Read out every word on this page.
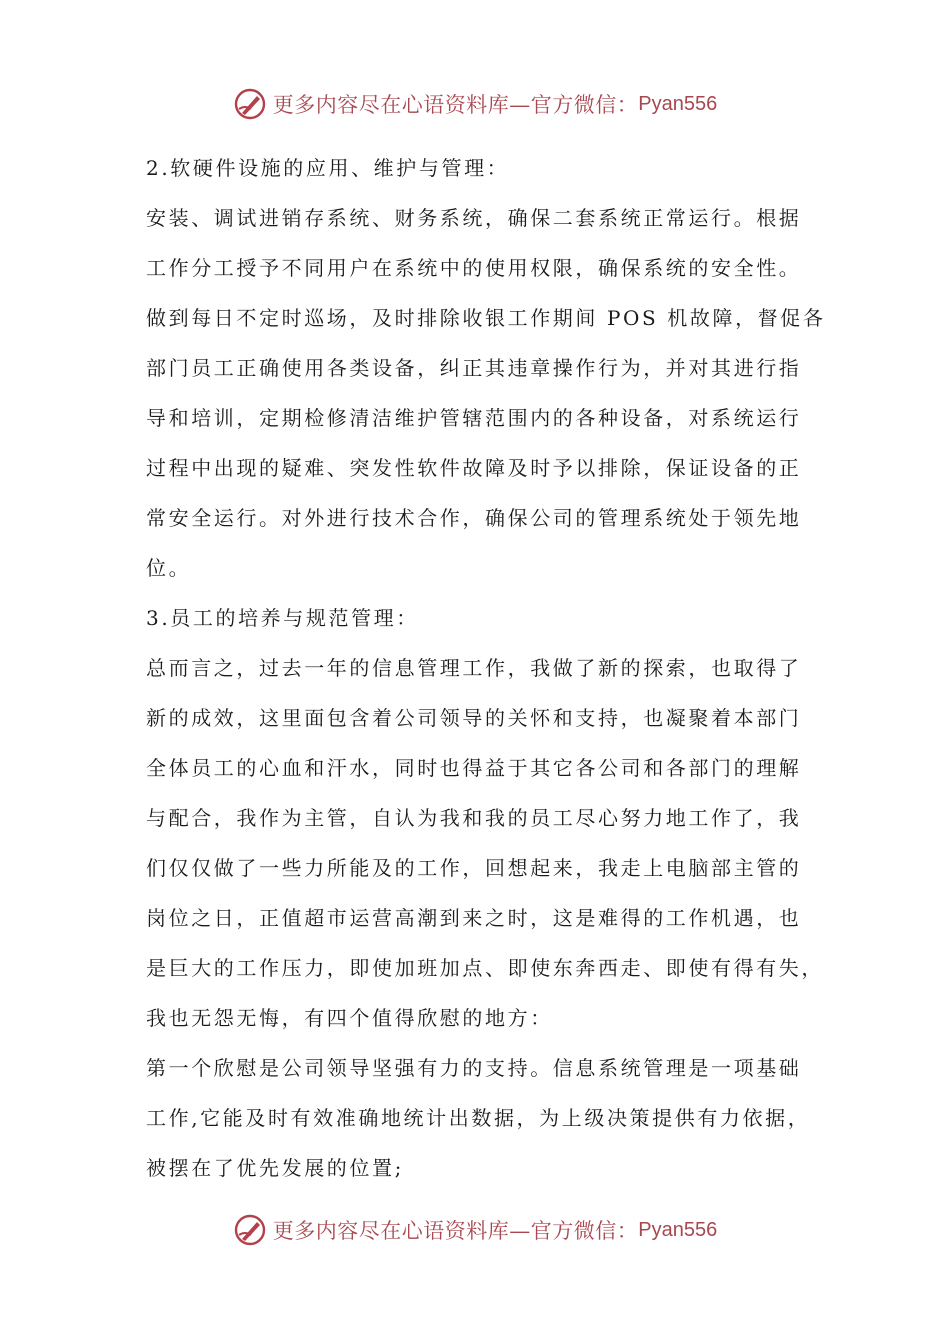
更多内容尽在心语资料库—官方微信： Pyan556
2.软硬件设施的应用、维护与管理：
安装、调试进销存系统、财务系统，确保二套系统正常运行。根据
工作分工授予不同用户在系统中的使用权限，确保系统的安全性。
做到每日不定时巡场，及时排除收银工作期间 POS 机故障，督促各
部门员工正确使用各类设备，纠正其违章操作行为，并对其进行指
导和培训，定期检修清洁维护管辖范围内的各种设备，对系统运行
过程中出现的疑难、突发性软件故障及时予以排除，保证设备的正
常安全运行。对外进行技术合作，确保公司的管理系统处于领先地
位。
3.员工的培养与规范管理：
总而言之，过去一年的信息管理工作，我做了新的探索，也取得了
新的成效，这里面包含着公司领导的关怀和支持，也凝聚着本部门
全体员工的心血和汗水，同时也得益于其它各公司和各部门的理解
与配合，我作为主管，自认为我和我的员工尽心努力地工作了，我
们仅仅做了一些力所能及的工作，回想起来，我走上电脑部主管的
岗位之日，正值超市运营高潮到来之时，这是难得的工作机遇，也
是巨大的工作压力，即使加班加点、即使东奔西走、即使有得有失，
我也无怨无悔，有四个值得欣慰的地方：
第一个欣慰是公司领导坚强有力的支持。信息系统管理是一项基础
工作,它能及时有效准确地统计出数据，为上级决策提供有力依据，
被摆在了优先发展的位置;
更多内容尽在心语资料库—官方微信： Pyan556
